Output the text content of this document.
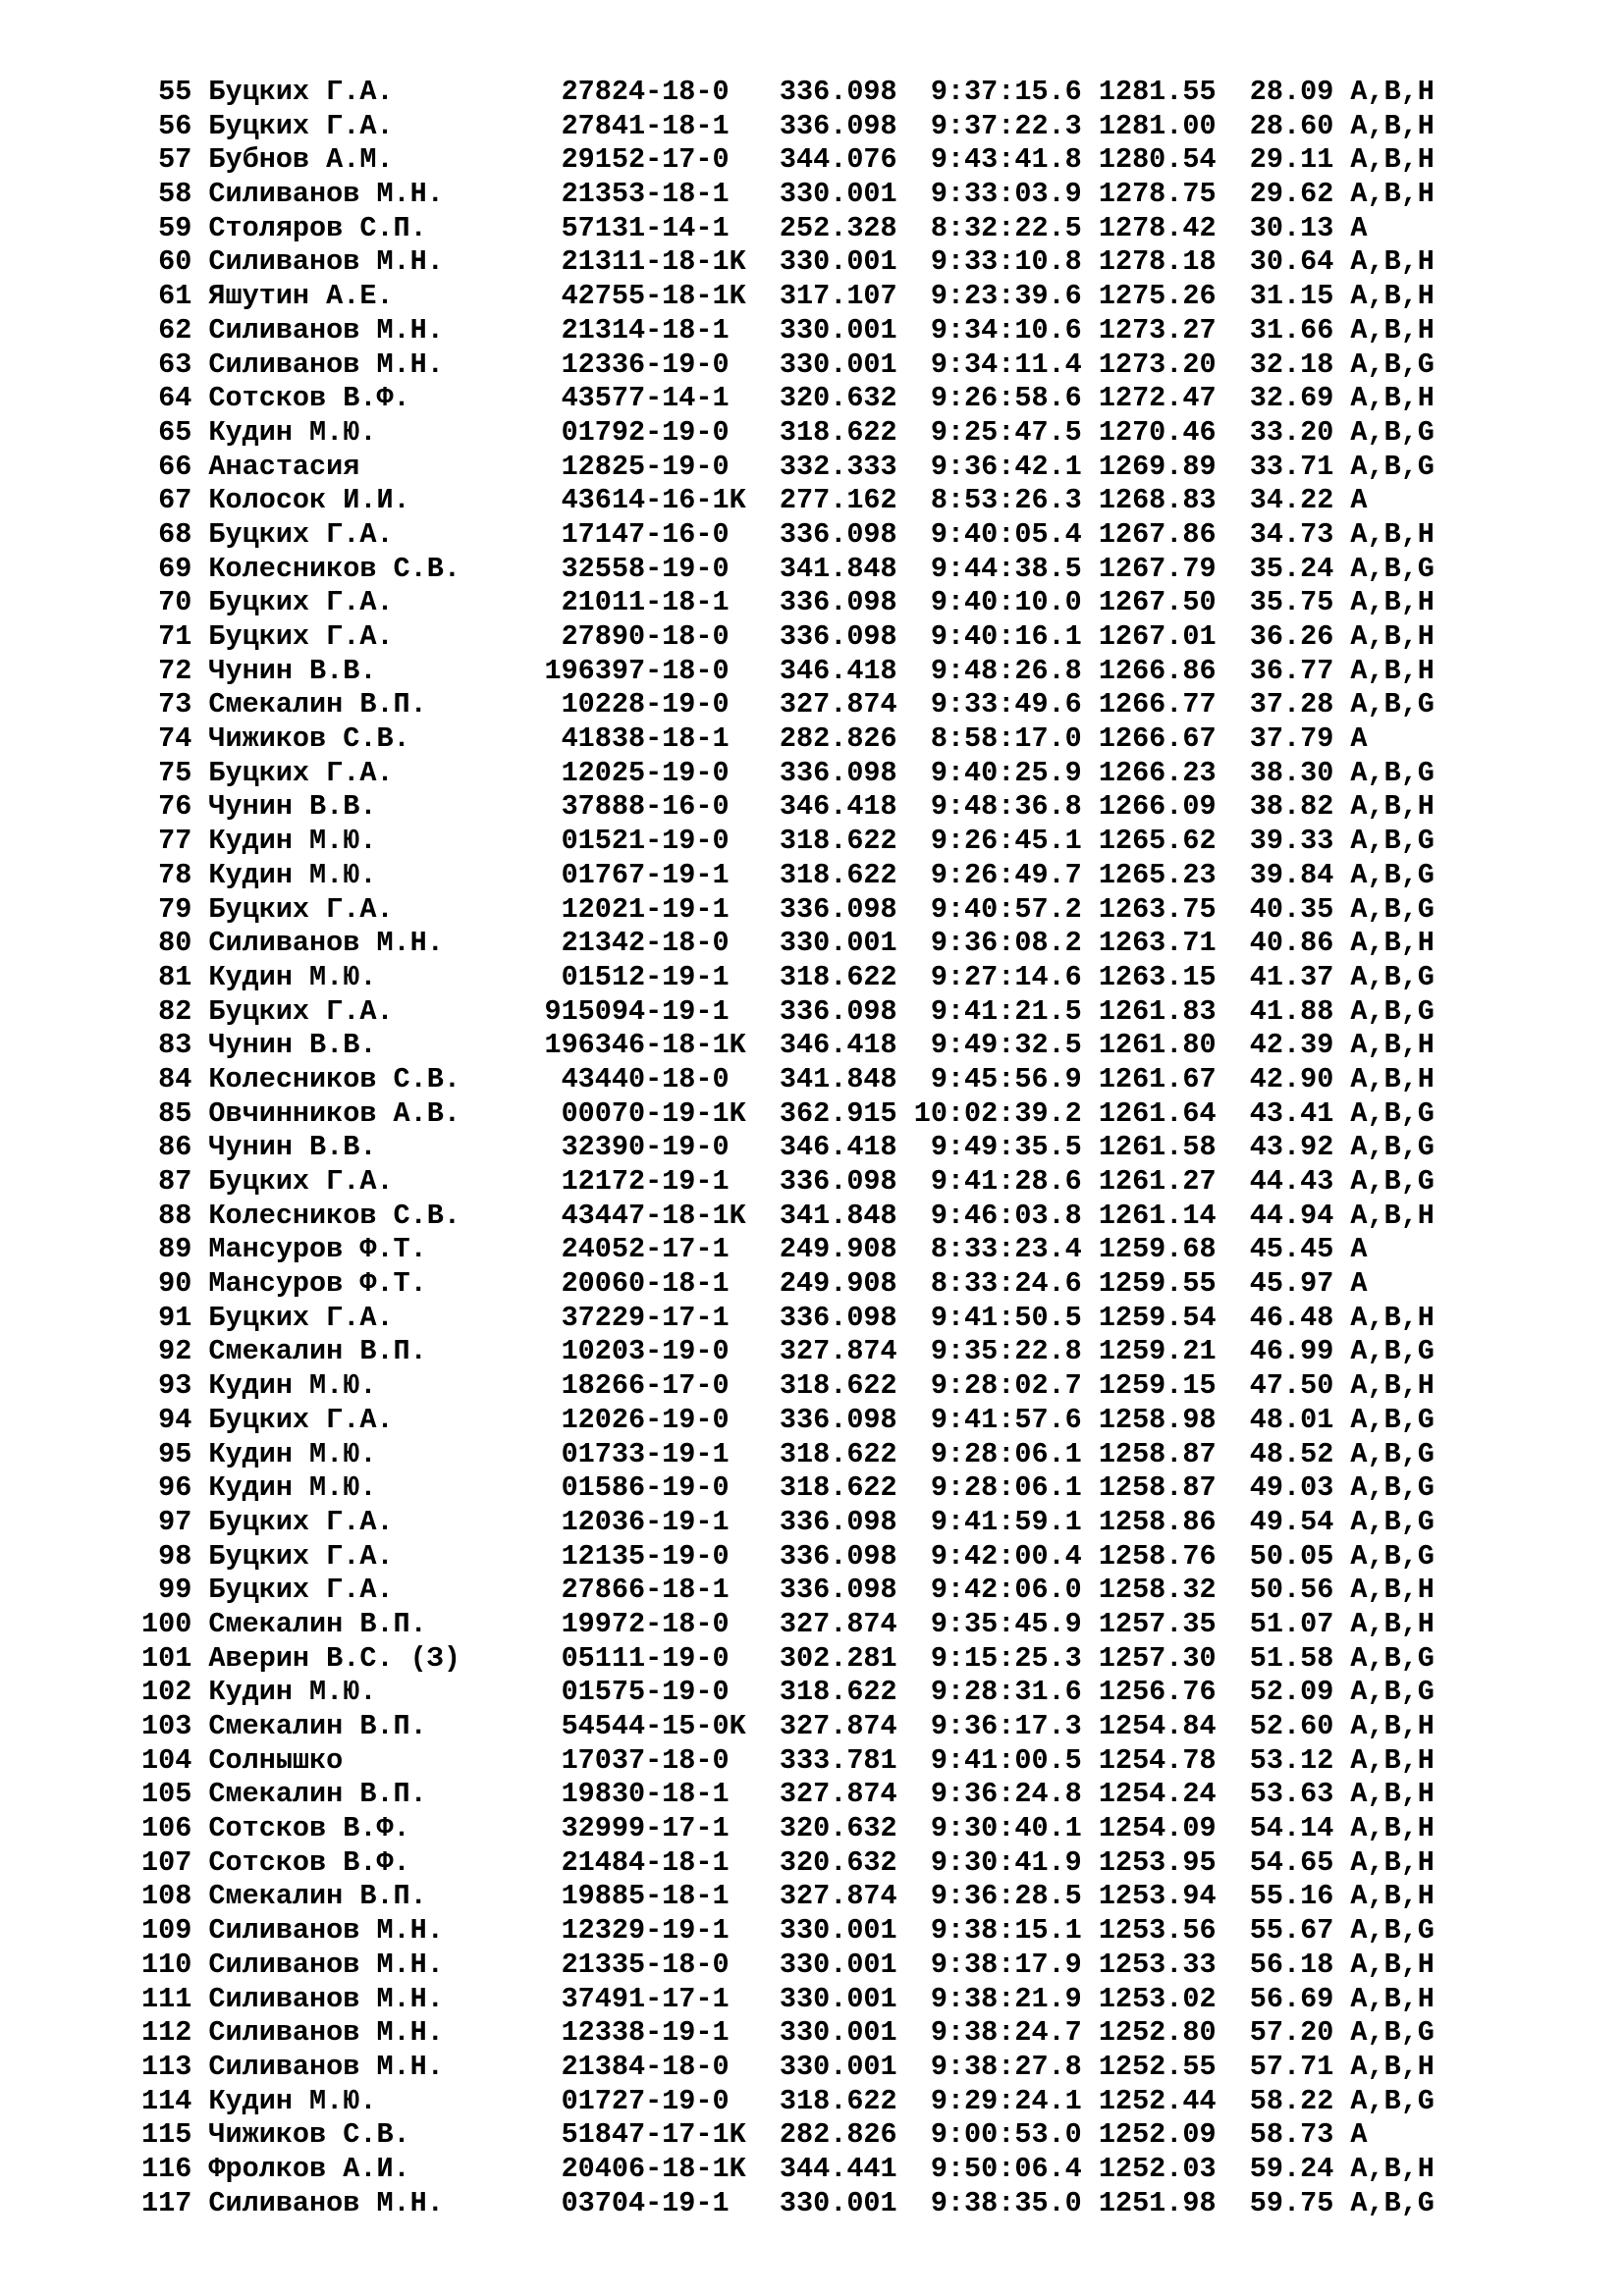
55 Буцких Г.А.          27824-18-0   336.098  9:37:15.6 1281.55  28.09 A,B,H
56 Буцких Г.А.          27841-18-1   336.098  9:37:22.3 1281.00  28.60 A,B,H
57 Бубнов А.М.          29152-17-0   344.076  9:43:41.8 1280.54  29.11 A,B,H
58 Силиванов М.Н.       21353-18-1   330.001  9:33:03.9 1278.75  29.62 A,B,H
59 Столяров С.П.        57131-14-1   252.328  8:32:22.5 1278.42  30.13 A
60 Силиванов М.Н.       21311-18-1K  330.001  9:33:10.8 1278.18  30.64 A,B,H
61 Яшутин А.Е.          42755-18-1K  317.107  9:23:39.6 1275.26  31.15 A,B,H
62 Силиванов М.Н.       21314-18-1   330.001  9:34:10.6 1273.27  31.66 A,B,H
63 Силиванов М.Н.       12336-19-0   330.001  9:34:11.4 1273.20  32.18 A,B,G
64 Сотсков В.Ф.         43577-14-1   320.632  9:26:58.6 1272.47  32.69 A,B,H
65 Кудин М.Ю.           01792-19-0   318.622  9:25:47.5 1270.46  33.20 A,B,G
66 Анастасия            12825-19-0   332.333  9:36:42.1 1269.89  33.71 A,B,G
67 Колосок И.И.         43614-16-1K  277.162  8:53:26.3 1268.83  34.22 A
68 Буцких Г.А.          17147-16-0   336.098  9:40:05.4 1267.86  34.73 A,B,H
69 Колесников С.В.      32558-19-0   341.848  9:44:38.5 1267.79  35.24 A,B,G
70 Буцких Г.А.          21011-18-1   336.098  9:40:10.0 1267.50  35.75 A,B,H
71 Буцких Г.А.          27890-18-0   336.098  9:40:16.1 1267.01  36.26 A,B,H
72 Чунин В.В.          196397-18-0   346.418  9:48:26.8 1266.86  36.77 A,B,H
73 Смекалин В.П.        10228-19-0   327.874  9:33:49.6 1266.77  37.28 A,B,G
74 Чижиков С.В.         41838-18-1   282.826  8:58:17.0 1266.67  37.79 A
75 Буцких Г.А.          12025-19-0   336.098  9:40:25.9 1266.23  38.30 A,B,G
76 Чунин В.В.           37888-16-0   346.418  9:48:36.8 1266.09  38.82 A,B,H
77 Кудин М.Ю.           01521-19-0   318.622  9:26:45.1 1265.62  39.33 A,B,G
78 Кудин М.Ю.           01767-19-1   318.622  9:26:49.7 1265.23  39.84 A,B,G
79 Буцких Г.А.          12021-19-1   336.098  9:40:57.2 1263.75  40.35 A,B,G
80 Силиванов М.Н.       21342-18-0   330.001  9:36:08.2 1263.71  40.86 A,B,H
81 Кудин М.Ю.           01512-19-1   318.622  9:27:14.6 1263.15  41.37 A,B,G
82 Буцких Г.А.         915094-19-1   336.098  9:41:21.5 1261.83  41.88 A,B,G
83 Чунин В.В.          196346-18-1K  346.418  9:49:32.5 1261.80  42.39 A,B,H
84 Колесников С.В.      43440-18-0   341.848  9:45:56.9 1261.67  42.90 A,B,H
85 Овчинников А.В.      00070-19-1K  362.915 10:02:39.2 1261.64  43.41 A,B,G
86 Чунин В.В.           32390-19-0   346.418  9:49:35.5 1261.58  43.92 A,B,G
87 Буцких Г.А.          12172-19-1   336.098  9:41:28.6 1261.27  44.43 A,B,G
88 Колесников С.В.      43447-18-1K  341.848  9:46:03.8 1261.14  44.94 A,B,H
89 Мансуров Ф.Т.        24052-17-1   249.908  8:33:23.4 1259.68  45.45 A
90 Мансуров Ф.Т.        20060-18-1   249.908  8:33:24.6 1259.55  45.97 A
91 Буцких Г.А.          37229-17-1   336.098  9:41:50.5 1259.54  46.48 A,B,H
92 Смекалин В.П.        10203-19-0   327.874  9:35:22.8 1259.21  46.99 A,B,G
93 Кудин М.Ю.           18266-17-0   318.622  9:28:02.7 1259.15  47.50 A,B,H
94 Буцких Г.А.          12026-19-0   336.098  9:41:57.6 1258.98  48.01 A,B,G
95 Кудин М.Ю.           01733-19-1   318.622  9:28:06.1 1258.87  48.52 A,B,G
96 Кудин М.Ю.           01586-19-0   318.622  9:28:06.1 1258.87  49.03 A,B,G
97 Буцких Г.А.          12036-19-1   336.098  9:41:59.1 1258.86  49.54 A,B,G
98 Буцких Г.А.          12135-19-0   336.098  9:42:00.4 1258.76  50.05 A,B,G
99 Буцких Г.А.          27866-18-1   336.098  9:42:06.0 1258.32  50.56 A,B,H
100 Смекалин В.П.        19972-18-0   327.874  9:35:45.9 1257.35  51.07 A,B,H
101 Аверин В.С. (З)      05111-19-0   302.281  9:15:25.3 1257.30  51.58 A,B,G
102 Кудин М.Ю.           01575-19-0   318.622  9:28:31.6 1256.76  52.09 A,B,G
103 Смекалин В.П.        54544-15-0K  327.874  9:36:17.3 1254.84  52.60 A,B,H
104 Солнышко             17037-18-0   333.781  9:41:00.5 1254.78  53.12 A,B,H
105 Смекалин В.П.        19830-18-1   327.874  9:36:24.8 1254.24  53.63 A,B,H
106 Сотсков В.Ф.         32999-17-1   320.632  9:30:40.1 1254.09  54.14 A,B,H
107 Сотсков В.Ф.         21484-18-1   320.632  9:30:41.9 1253.95  54.65 A,B,H
108 Смекалин В.П.        19885-18-1   327.874  9:36:28.5 1253.94  55.16 A,B,H
109 Силиванов М.Н.       12329-19-1   330.001  9:38:15.1 1253.56  55.67 A,B,G
110 Силиванов М.Н.       21335-18-0   330.001  9:38:17.9 1253.33  56.18 A,B,H
111 Силиванов М.Н.       37491-17-1   330.001  9:38:21.9 1253.02  56.69 A,B,H
112 Силиванов М.Н.       12338-19-1   330.001  9:38:24.7 1252.80  57.20 A,B,G
113 Силиванов М.Н.       21384-18-0   330.001  9:38:27.8 1252.55  57.71 A,B,H
114 Кудин М.Ю.           01727-19-0   318.622  9:29:24.1 1252.44  58.22 A,B,G
115 Чижиков С.В.         51847-17-1K  282.826  9:00:53.0 1252.09  58.73 A
116 Фролков А.И.         20406-18-1K  344.441  9:50:06.4 1252.03  59.24 A,B,H
117 Силиванов М.Н.       03704-19-1   330.001  9:38:35.0 1251.98  59.75 A,B,G
